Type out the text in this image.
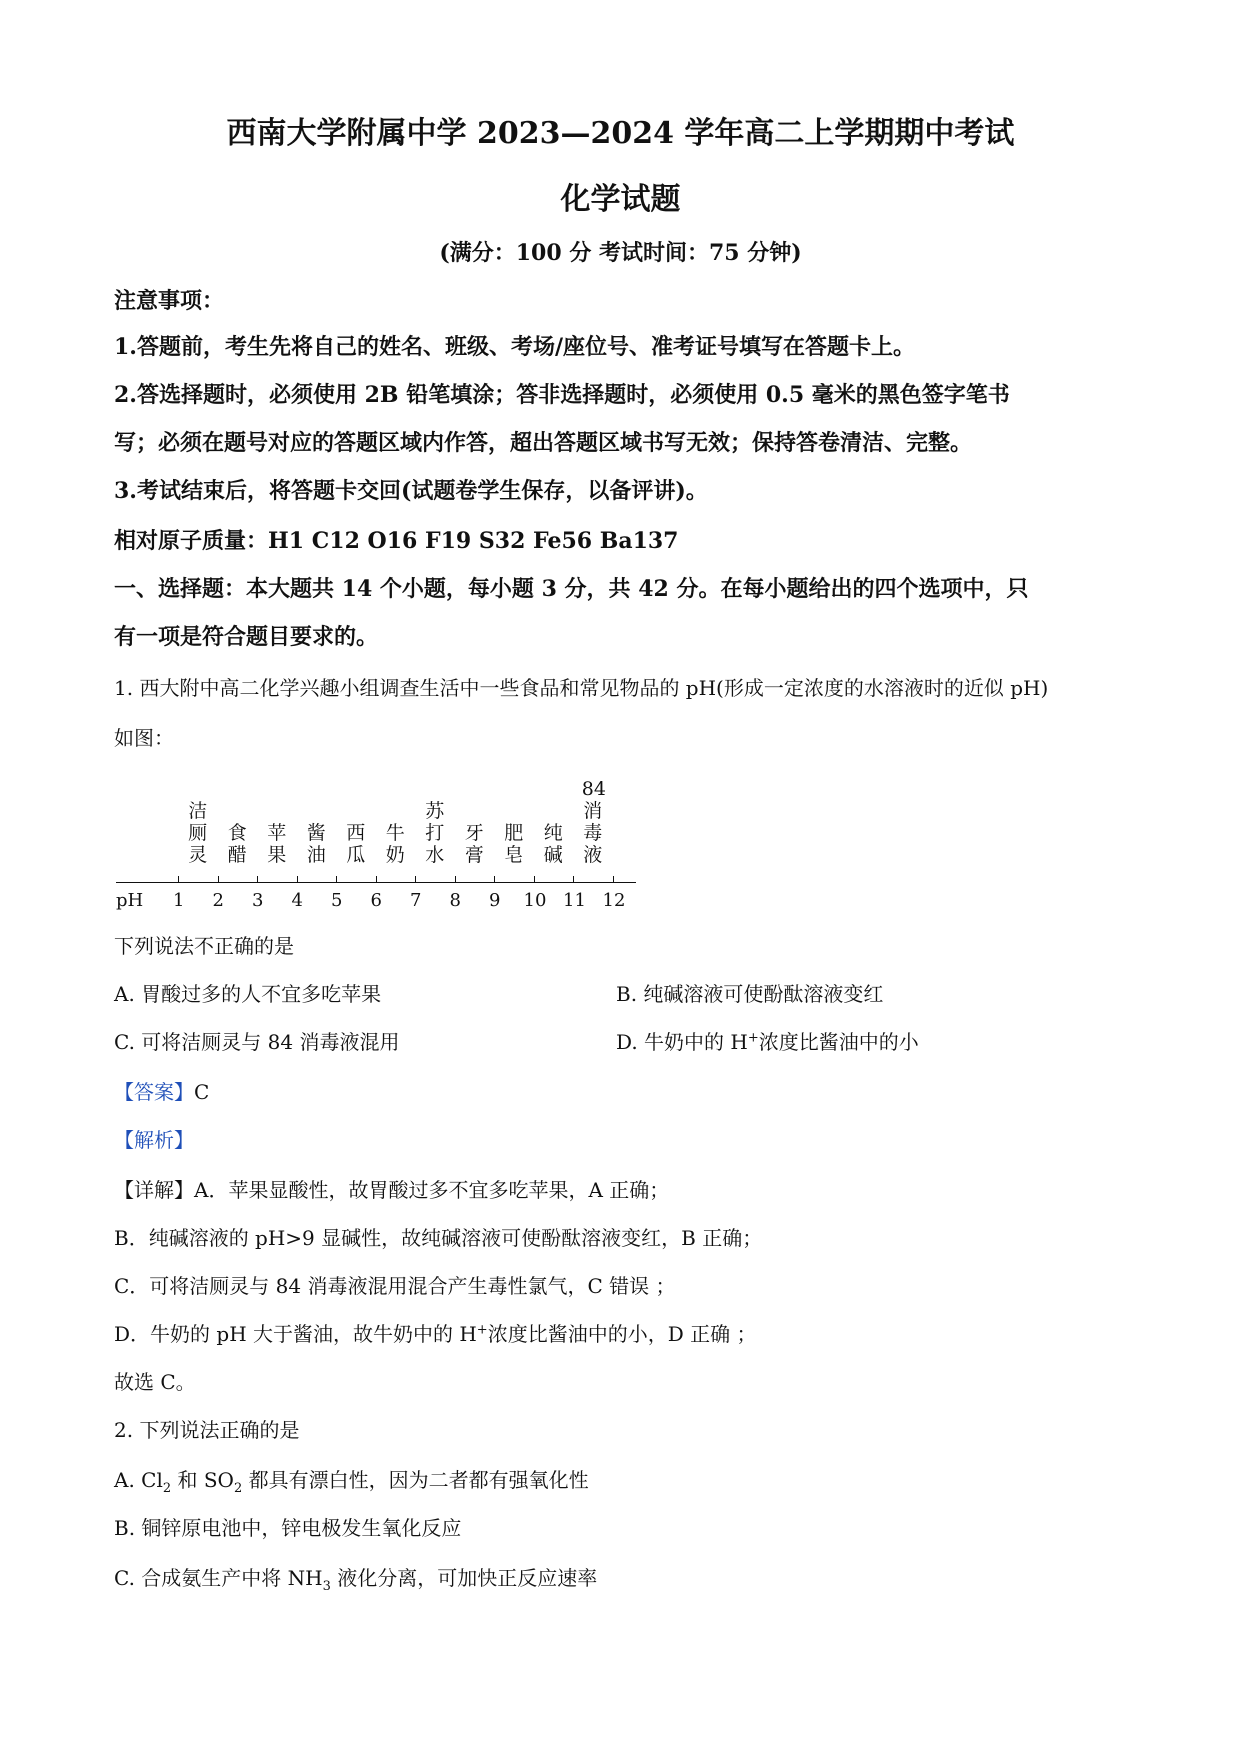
西南大学附属中学 2023—2024 学年高二上学期期中考试
化学试题
(满分：100 分 考试时间：75 分钟)
注意事项：
1.答题前，考生先将自己的姓名、班级、考场/座位号、准考证号填写在答题卡上。
2.答选择题时，必须使用 2B 铅笔填涂；答非选择题时，必须使用 0.5 毫米的黑色签字笔书
写；必须在题号对应的答题区域内作答，超出答题区域书写无效；保持答卷清洁、完整。
3.考试结束后，将答题卡交回(试题卷学生保存，以备评讲)。
相对原子质量：H1 C12 O16 F19 S32 Fe56 Ba137
一、选择题：本大题共 14 个小题，每小题 3 分，共 42 分。在每小题给出的四个选项中，只
有一项是符合题目要求的。
1. 西大附中高二化学兴趣小组调查生活中一些食品和常见物品的 pH(形成一定浓度的水溶液时的近似 pH)
如图：
pH 1 2 3 4 5 6 7 8 9 10 11 12
洁
厕
灵
食
醋
苹
果
酱
油
西
瓜
牛
奶
苏
打
水
牙
膏
肥
皂
纯
碱
84
消
毒
液
下列说法不正确的是
A. 胃酸过多的人不宜多吃苹果	B. 纯碱溶液可使酚酞溶液变红
C. 可将洁厕灵与 84 消毒液混用	D. 牛奶中的 H+浓度比酱油中的小
【答案】C
【解析】
【详解】A．苹果显酸性，故胃酸过多不宜多吃苹果，A 正确；
B．纯碱溶液的 pH>9 显碱性，故纯碱溶液可使酚酞溶液变红，B 正确；
C．可将洁厕灵与 84 消毒液混用混合产生毒性氯气，C 错误 ；
D．牛奶的 pH 大于酱油，故牛奶中的 H+浓度比酱油中的小，D 正确 ；
故选 C。
2. 下列说法正确的是
A. $Cl_2$ 和 $SO_2$ 都具有漂白性，因为二者都有强氧化性
B. 铜锌原电池中，锌电极发生氧化反应
C. 合成氨生产中将 $NH_3$ 液化分离，可加快正反应速率
